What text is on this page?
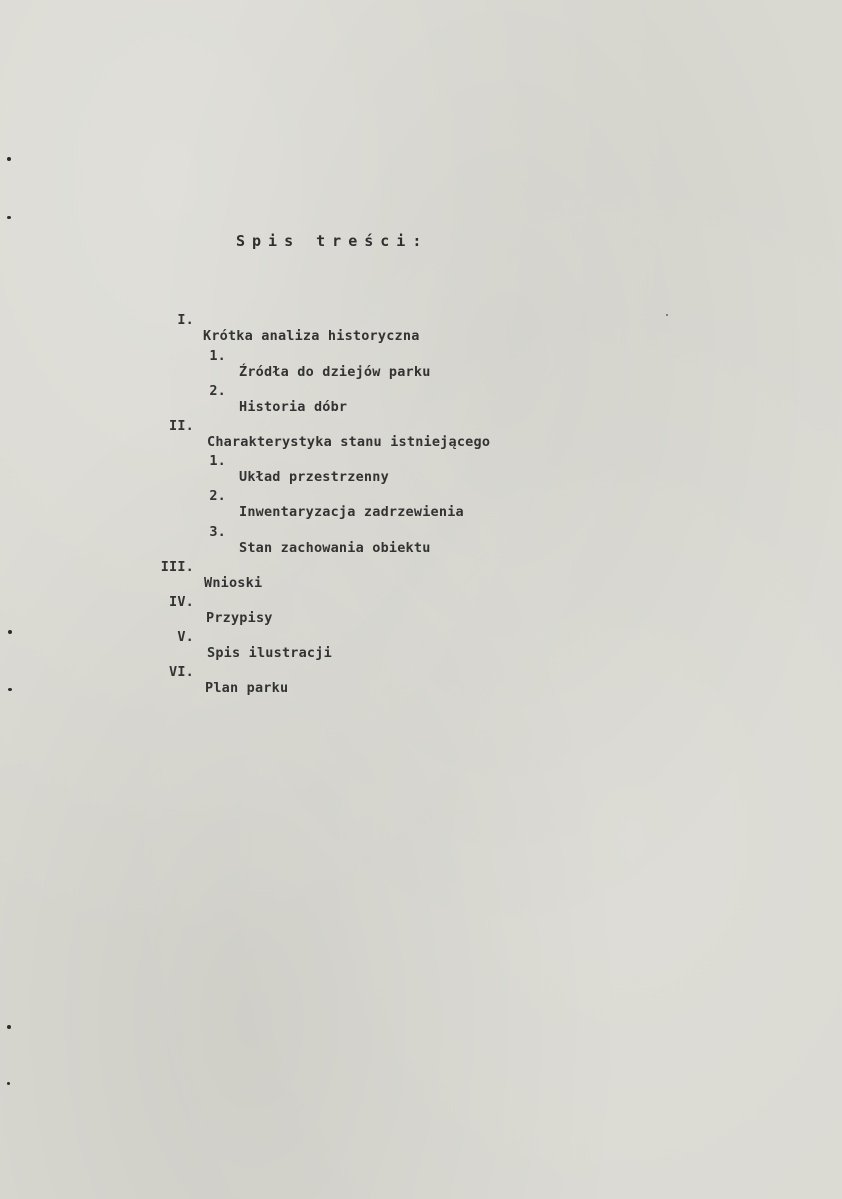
Spis treści:

I.

Krótka analiza historyczna

1.

Źródła do dziejów parku

2.

Historia dóbr

II.

Charakterystyka stanu istniejącego

1.

Układ przestrzenny

2.

Inwentaryzacja zadrzewienia

3.

Stan zachowania obiektu

III.

Wnioski

IV.

Przypisy

V.

Spis ilustracji

VI.

Plan parku
